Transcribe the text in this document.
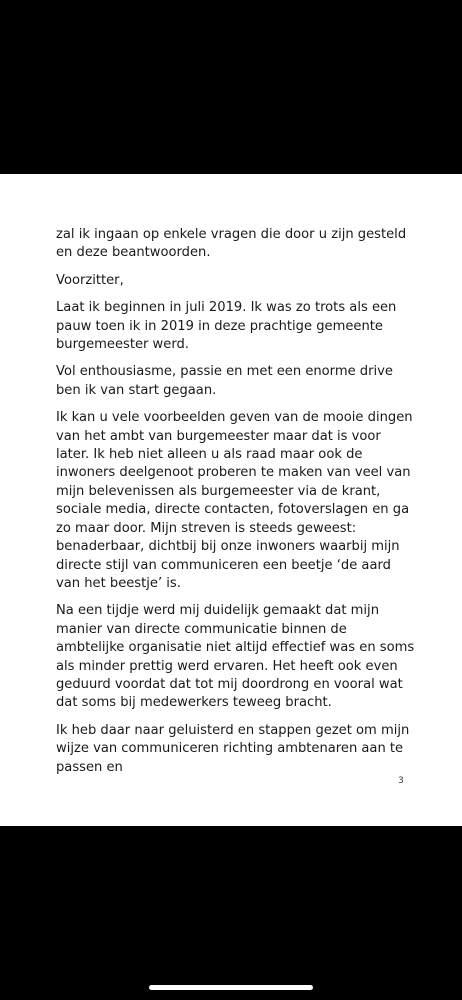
zal ik ingaan op enkele vragen die door u zijn gesteld en deze beantwoorden.

Voorzitter,

Laat ik beginnen in juli 2019. Ik was zo trots als een pauw toen ik in 2019 in deze prachtige gemeente burgemeester werd.

Vol enthousiasme, passie en met een enorme drive ben ik van start gegaan.

Ik kan u vele voorbeelden geven van de mooie dingen van het ambt van burgemeester maar dat is voor later. Ik heb niet alleen u als raad maar ook de inwoners deelgenoot proberen te maken van veel van mijn belevenissen als burgemeester via de krant, sociale media, directe contacten, fotoverslagen en ga zo maar door. Mijn streven is steeds geweest: benaderbaar, dichtbij bij onze inwoners waarbij mijn directe stijl van communiceren een beetje ‘de aard van het beestje’ is.

Na een tijdje werd mij duidelijk gemaakt dat mijn manier van directe communicatie binnen de ambtelijke organisatie niet altijd effectief was en soms als minder prettig werd ervaren. Het heeft ook even geduurd voordat dat tot mij doordrong en vooral wat dat soms bij medewerkers teweeg bracht.

Ik heb daar naar geluisterd en stappen gezet om mijn wijze van communiceren richting ambtenaren aan te passen en

3
